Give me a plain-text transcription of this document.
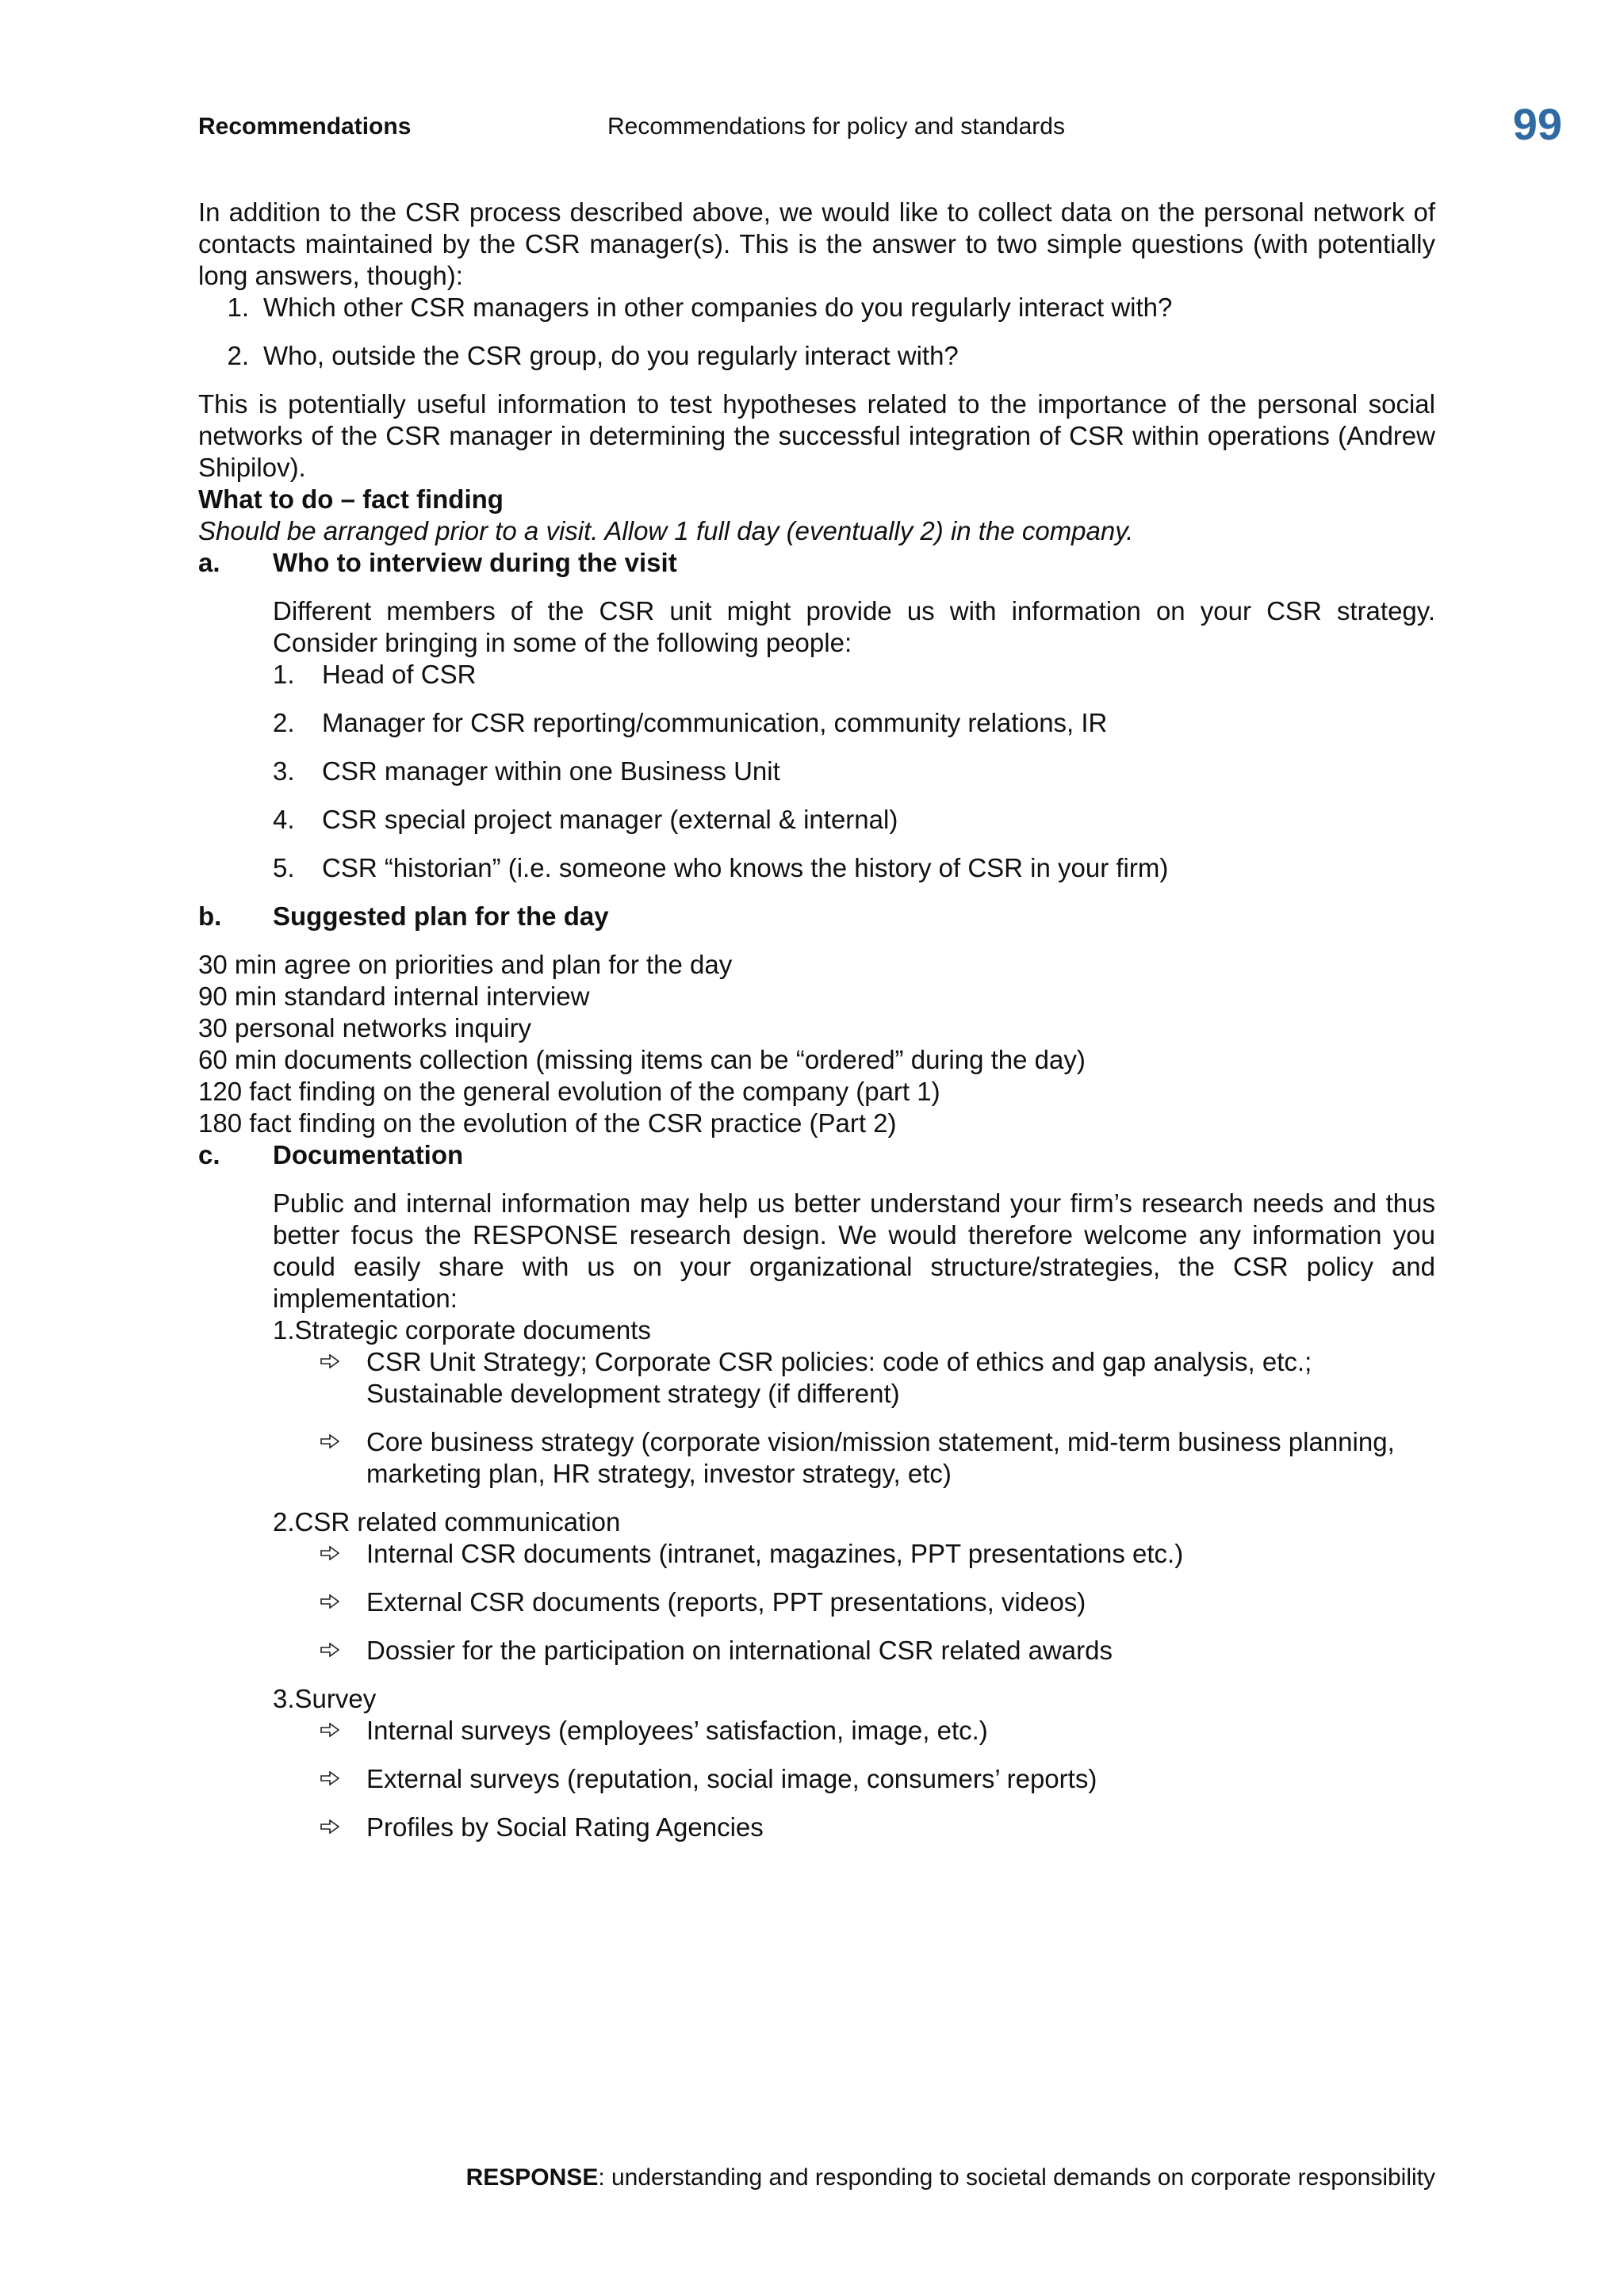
Recommendations	Recommendations for policy and standards	99

In addition to the CSR process described above, we would like to collect data on the personal network of contacts maintained by the CSR manager(s). This is the answer to two simple questions (with potentially long answers, though):

1. Which other CSR managers in other companies do you regularly interact with?
2. Who, outside the CSR group, do you regularly interact with?

This is potentially useful information to test hypotheses related to the importance of the personal social networks of the CSR manager in determining the successful integration of CSR within operations (Andrew Shipilov).

What to do – fact finding

Should be arranged prior to a visit. Allow 1 full day (eventually 2) in the company.

a.	Who to interview during the visit

Different members of the CSR unit might provide us with information on your CSR strategy. Consider bringing in some of the following people:

1.	Head of CSR
2.	Manager for CSR reporting/communication, community relations, IR
3.	CSR manager within one Business Unit
4.	CSR special project manager (external & internal)
5.	CSR “historian” (i.e. someone who knows the history of CSR in your firm)
b.	Suggested plan for the day

30 min agree on priorities and plan for the day

90 min standard internal interview

30 personal networks inquiry

60 min documents collection (missing items can be “ordered” during the day)

120 fact finding on the general evolution of the company (part 1)

180 fact finding on the evolution of the CSR practice (Part 2)

c.	Documentation

Public and internal information may help us better understand your firm’s research needs and thus better focus the RESPONSE research design. We would therefore welcome any information you could easily share with us on your organizational structure/strategies, the CSR policy and implementation:

1.Strategic corporate documents

CSR Unit Strategy; Corporate CSR policies: code of ethics and gap analysis, etc.; Sustainable development strategy (if different)
Core business strategy (corporate vision/mission statement, mid-term business planning, marketing plan, HR strategy, investor strategy, etc)

2.CSR related communication

Internal CSR documents (intranet, magazines, PPT presentations etc.)
External CSR documents (reports, PPT presentations, videos)
Dossier for the participation on international CSR related awards

3.Survey

Internal surveys (employees’ satisfaction, image, etc.)
External surveys (reputation, social image, consumers’ reports)
Profiles by Social Rating Agencies
RESPONSE: understanding and responding to societal demands on corporate responsibility
